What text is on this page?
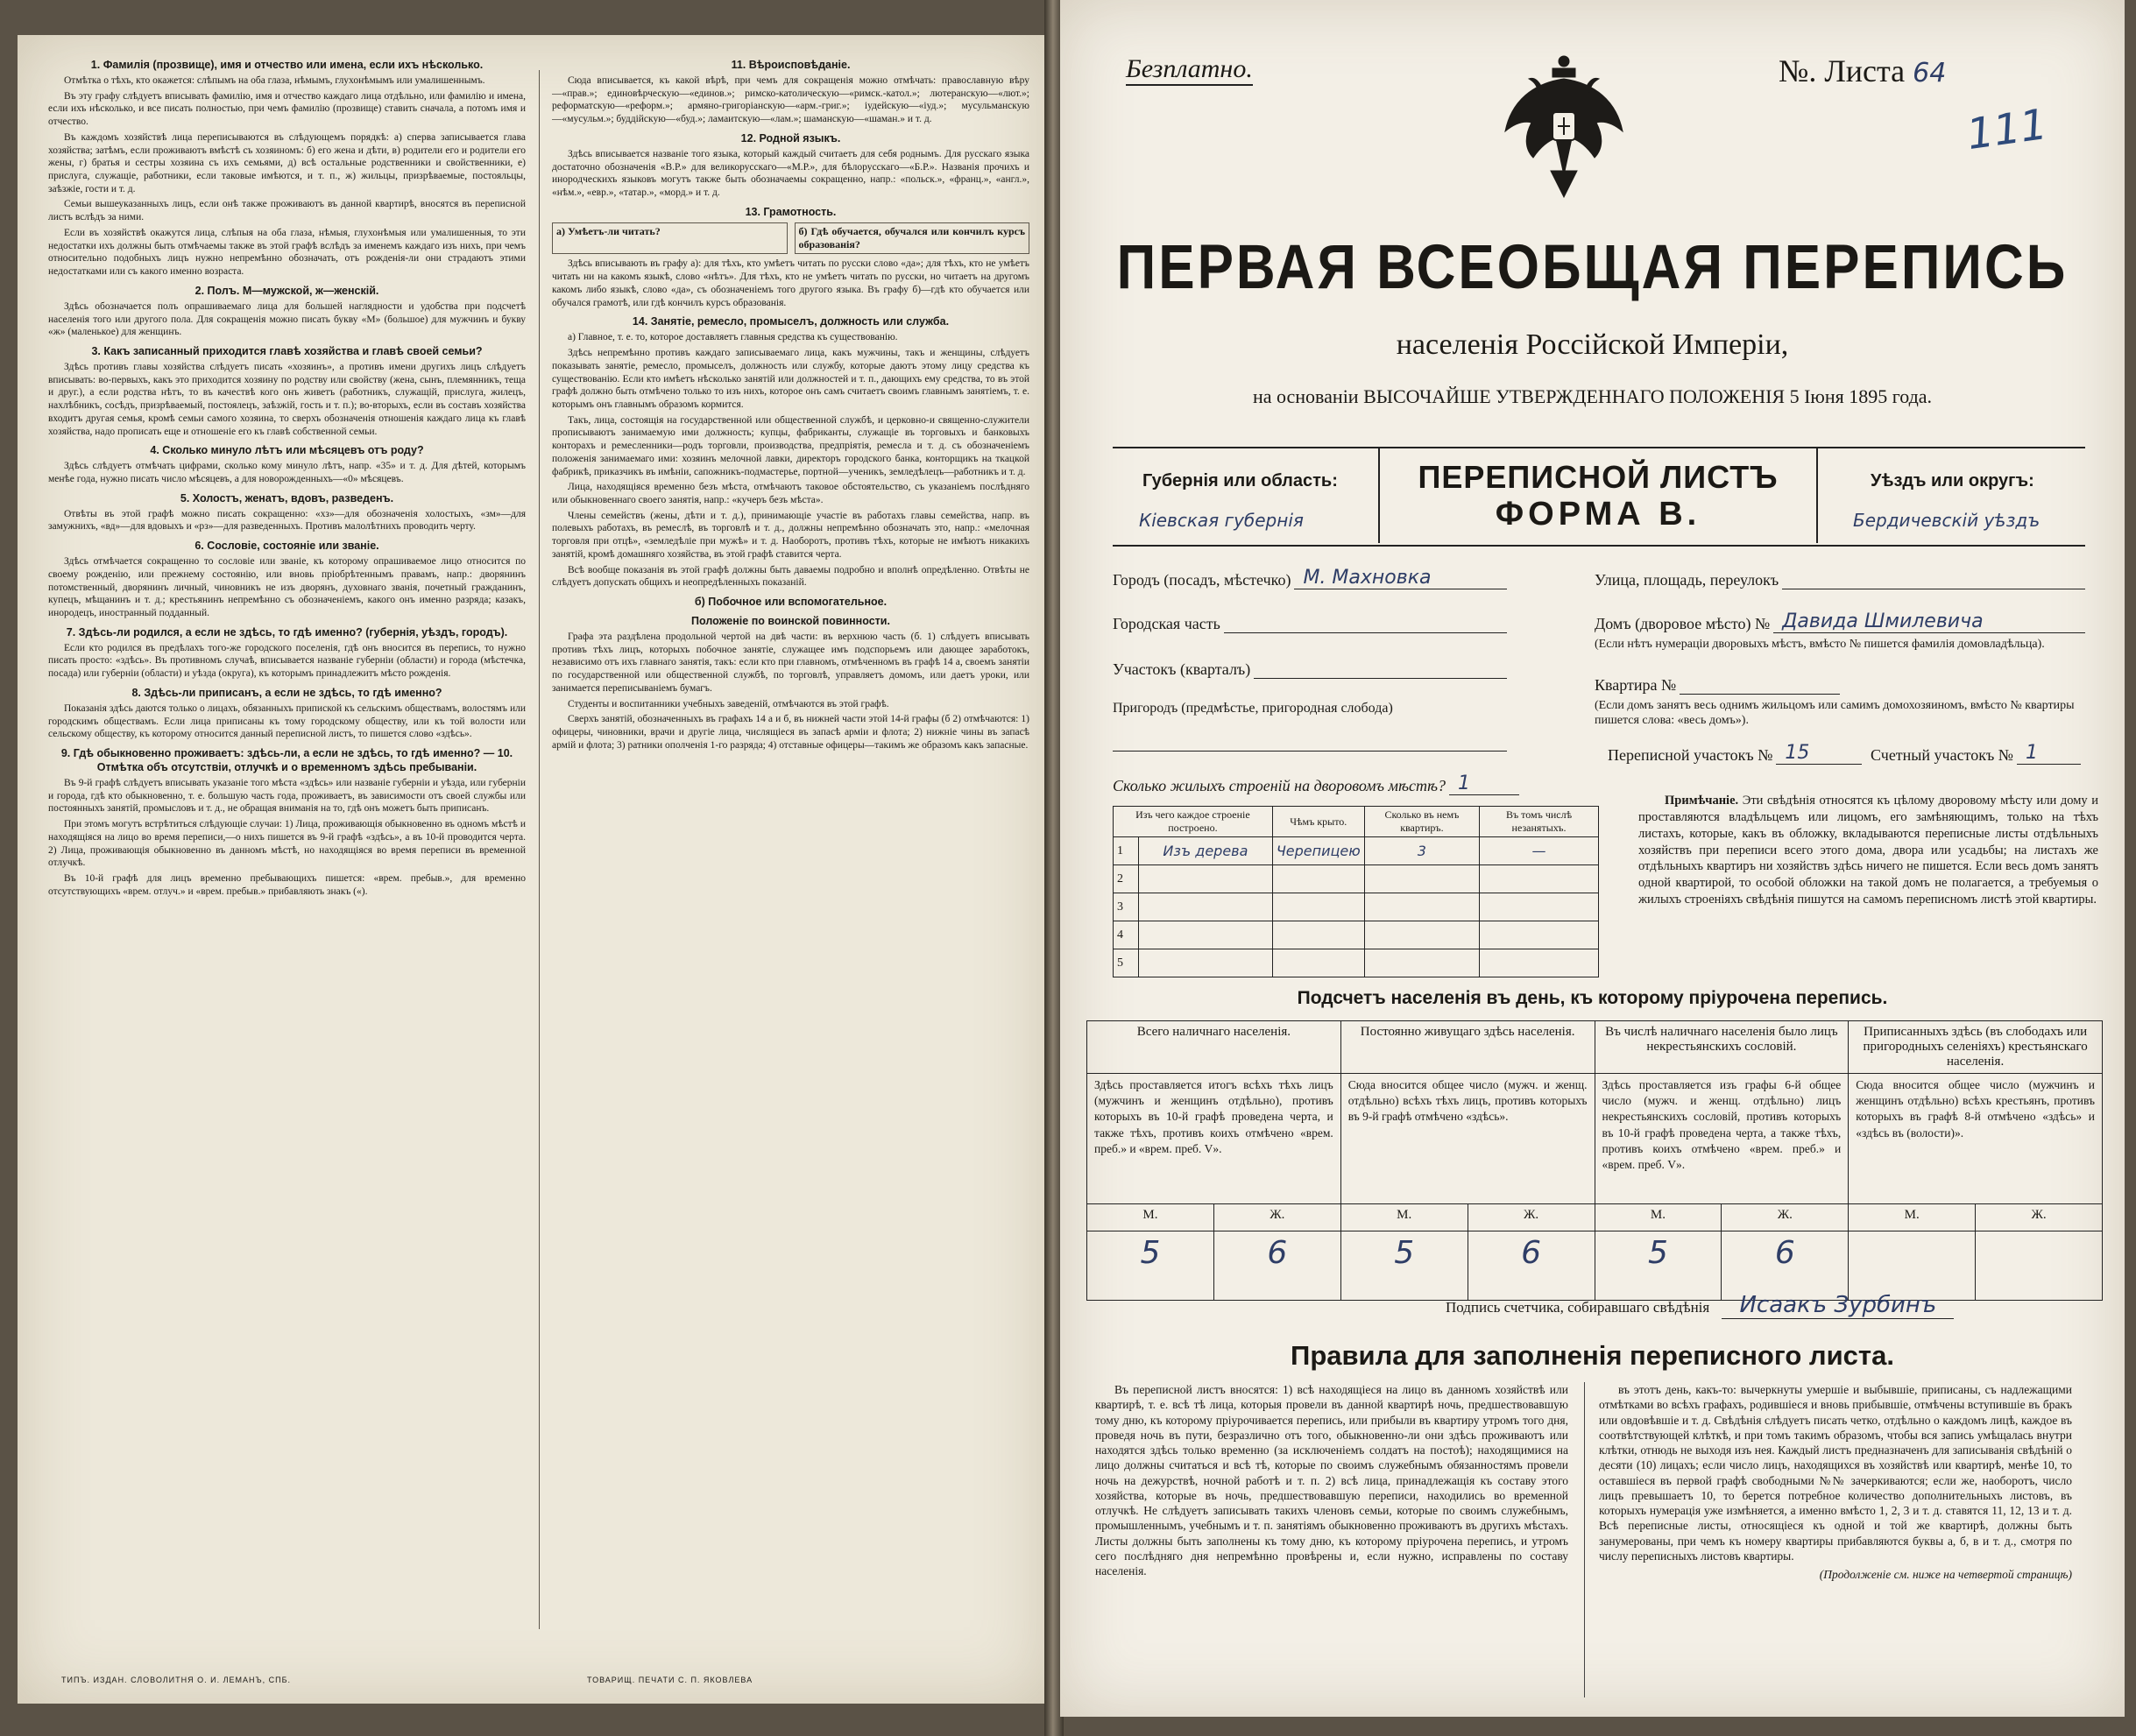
1. Фамилія (прозвище), имя и отчество или имена, если ихъ нѣсколько.

Отмѣтка о тѣхъ, кто окажется: слѣпымъ на оба глаза, нѣмымъ, глухонѣмымъ или умалишеннымъ.

Въ эту графу слѣдуетъ вписывать фамилію, имя и отчество каждаго лица отдѣльно, или фамилію и имена, если ихъ нѣсколько, и все писать полностью, при чемъ фамилію (прозвище) ставить сначала, а потомъ имя и отчество.

Въ каждомъ хозяйствѣ лица переписываются въ слѣдующемъ порядкѣ: а) сперва записывается глава хозяйства; затѣмъ, если проживаютъ вмѣстѣ съ хозяиномъ: б) его жена и дѣти, в) родители его и родители его жены, г) братья и сестры хозяина съ ихъ семьями, д) всѣ остальные родственники и свойственники, е) прислуга, служащіе, работники, если таковые имѣются, и т. п., ж) жильцы, призрѣваемые, постояльцы, заѣзжіе, гости и т. д.

Семьи вышеуказанныхъ лицъ, если онѣ также проживаютъ въ данной квартирѣ, вносятся въ переписной листъ вслѣдъ за ними.

Если въ хозяйствѣ окажутся лица, слѣпыя на оба глаза, нѣмыя, глухонѣмыя или умалишенныя, то эти недостатки ихъ должны быть отмѣчаемы также въ этой графѣ вслѣдъ за именемъ каждаго изъ нихъ, при чемъ относительно подобныхъ лицъ нужно непремѣнно обозначать, отъ рожденія-ли они страдаютъ этими недостатками или съ какого именно возраста.

2. Полъ. М—мужской, ж—женскій.

Здѣсь обозначается полъ опрашиваемаго лица для большей наглядности и удобства при подсчетѣ населенія того или другого пола. Для сокращенія можно писать букву «М» (большое) для мужчинъ и букву «ж» (маленькое) для женщинъ.

3. Какъ записанный приходится главѣ хозяйства и главѣ своей семьи?

Здѣсь противъ главы хозяйства слѣдуетъ писать «хозяинъ», а противъ имени другихъ лицъ слѣдуетъ вписывать: во-первыхъ, какъ это приходится хозяину по родству или свойству (жена, сынъ, племянникъ, теща и друг.), а если родства нѣтъ, то въ качествѣ кого онъ живетъ (работникъ, служащій, прислуга, жилецъ, нахлѣбникъ, сосѣдъ, призрѣваемый, постоялецъ, заѣзжій, гость и т. п.); во-вторыхъ, если въ составъ хозяйства входитъ другая семья, кромѣ семьи самого хозяина, то сверхъ обозначенія отношенія каждаго лица къ главѣ хозяйства, надо прописать еще и отношеніе его къ главѣ собственной семьи.

4. Сколько минуло лѣтъ или мѣсяцевъ отъ роду?

Здѣсь слѣдуетъ отмѣчать цифрами, сколько кому минуло лѣтъ, напр. «35» и т. д. Для дѣтей, которымъ менѣе года, нужно писать число мѣсяцевъ, а для новорожденныхъ—«0» мѣсяцевъ.

5. Холостъ, женатъ, вдовъ, разведенъ.

Отвѣты въ этой графѣ можно писать сокращенно: «хз»—для обозначенія холостыхъ, «зм»—для замужнихъ, «вд»—для вдовыхъ и «рз»—для разведенныхъ. Противъ малолѣтнихъ проводить черту.

6. Сословіе, состояніе или званіе.

Здѣсь отмѣчается сокращенно то сословіе или званіе, къ которому опрашиваемое лицо относится по своему рожденію, или прежнему состоянію, или вновь пріобрѣтеннымъ правамъ, напр.: дворянинъ потомственный, дворянинъ личный, чиновникъ не изъ дворянъ, духовнаго званія, почетный гражданинъ, купецъ, мѣщанинъ и т. д.; крестьянинъ непремѣнно съ обозначеніемъ, какого онъ именно разряда; казакъ, инородецъ, иностранный подданный.

7. Здѣсь-ли родился, а если не здѣсь, то гдѣ именно? (губернія, уѣздъ, городъ).

Если кто родился въ предѣлахъ того-же городского поселенія, гдѣ онъ вносится въ перепись, то нужно писать просто: «здѣсь». Въ противномъ случаѣ, вписывается названіе губерніи (области) и города (мѣстечка, посада) или губерніи (области) и уѣзда (округа), къ которымъ принадлежитъ мѣсто рожденія.

8. Здѣсь-ли приписанъ, а если не здѣсь, то гдѣ именно?

Показанія здѣсь даются только о лицахъ, обязанныхъ припиской къ сельскимъ обществамъ, волостямъ или городскимъ обществамъ. Если лица приписаны къ тому городскому обществу, или къ той волости или сельскому обществу, къ которому относится данный переписной листъ, то пишется слово «здѣсь».

9. Гдѣ обыкновенно проживаетъ: здѣсь-ли, а если не здѣсь, то гдѣ именно? — 10. Отмѣтка объ отсутствіи, отлучкѣ и о временномъ здѣсь пребываніи.

Въ 9-й графѣ слѣдуетъ вписывать указаніе того мѣста «здѣсь» или названіе губерніи и уѣзда, или губерніи и города, гдѣ кто обыкновенно, т. е. большую часть года, проживаетъ, въ зависимости отъ своей службы или постоянныхъ занятій, промысловъ и т. д., не обращая вниманія на то, гдѣ онъ можетъ быть приписанъ.

При этомъ могутъ встрѣтиться слѣдующіе случаи: 1) Лица, проживающія обыкновенно въ одномъ мѣстѣ и находящіяся на лицо во время переписи,—о нихъ пишется въ 9-й графѣ «здѣсь», а въ 10-й проводится черта. 2) Лица, проживающія обыкновенно въ данномъ мѣстѣ, но находящіяся во время переписи въ временной отлучкѣ.

Въ 10-й графѣ для лицъ временно пребывающихъ пишется: «врем. пребыв.», для временно отсутствующихъ «врем. отлуч.» и «врем. пребыв.» прибавляють знакъ («).

11. Вѣроисповѣданіе.

Сюда вписывается, къ какой вѣрѣ, при чемъ для сокращенія можно отмѣчать: православную вѣру—«прав.»; единовѣрческую—«единов.»; римско-католическую—«римск.-катол.»; лютеранскую—«лют.»; реформатскую—«реформ.»; армяно-григоріанскую—«арм.-григ.»; іудейскую—«іуд.»; мусульманскую—«мусульм.»; буддійскую—«буд.»; ламаитскую—«лам.»; шаманскую—«шаман.» и т. д.

12. Родной языкъ.

Здѣсь вписывается названіе того языка, который каждый считаетъ для себя роднымъ. Для русскаго языка достаточно обозначенія «В.Р.» для великорусскаго—«М.Р.», для бѣлорусскаго—«Б.Р.». Названія прочихъ и инородческихъ языковъ могутъ также быть обозначаемы сокращенно, напр.: «польск.», «франц.», «англ.», «нѣм.», «евр.», «татар.», «морд.» и т. д.

13. Грамотность.
а) Умѣетъ-ли читать?	б) Гдѣ обучается, обучался или кончилъ курсъ образованія?

Здѣсь вписывають въ графу а): для тѣхъ, кто умѣетъ читать по русски слово «да»; для тѣхъ, кто не умѣетъ читать ни на какомъ языкѣ, слово «нѣтъ». Для тѣхъ, кто не умѣетъ читать по русски, но читаетъ на другомъ какомъ либо языкѣ, слово «да», съ обозначеніемъ того другого языка. Въ графу б)—гдѣ кто обучается или обучался грамотѣ, или гдѣ кончилъ курсъ образованія.

14. Занятіе, ремесло, промыселъ, должность или служба.

а) Главное, т. е. то, которое доставляетъ главныя средства къ существованію.

Здѣсь непремѣнно противъ каждаго записываемаго лица, какъ мужчины, такъ и женщины, слѣдуетъ показывать занятіе, ремесло, промыселъ, должность или службу, которые даютъ этому лицу средства къ существованію. Если кто имѣетъ нѣсколько занятій или должностей и т. п., дающихъ ему средства, то въ этой графѣ должно быть отмѣчено только то изъ нихъ, которое онъ самъ считаетъ своимъ главнымъ занятіемъ, т. е. которымъ онъ главнымъ образомъ кормится.

Такъ, лица, состоящія на государственной или общественной службѣ, и церковно-и священно-служители прописываютъ занимаемую ими должность; купцы, фабриканты, служащіе въ торговыхъ и банковыхъ конторахъ и ремесленники—родъ торговли, производства, предпріятія, ремесла и т. д. съ обозначеніемъ положенія занимаемаго ими: хозяинъ мелочной лавки, директоръ городского банка, конторщикъ на ткацкой фабрикѣ, приказчикъ въ имѣніи, сапожникъ-подмастерье, портной—ученикъ, земледѣлецъ—работникъ и т. д.

Лица, находящіяся временно безъ мѣста, отмѣчаютъ таковое обстоятельство, съ указаніемъ послѣдняго или обыкновеннаго своего занятія, напр.: «кучеръ безъ мѣста».

Члены семействъ (жены, дѣти и т. д.), принимающіе участіе въ работахъ главы семейства, напр. въ полевыхъ работахъ, въ ремеслѣ, въ торговлѣ и т. д., должны непремѣнно обозначать это, напр.: «мелочная торговля при отцѣ», «земледѣліе при мужѣ» и т. д. Наоборотъ, противъ тѣхъ, которые не имѣютъ никакихъ занятій, кромѣ домашняго хозяйства, въ этой графѣ ставится черта.

Всѣ вообще показанія въ этой графѣ должны быть даваемы подробно и вполнѣ опредѣленно. Отвѣты не слѣдуетъ допускать общихъ и неопредѣленныхъ показаній.

б) Побочное или вспомогательное.
Положеніе по воинской повинности.

Графа эта раздѣлена продольной чертой на двѣ части: въ верхнюю часть (б. 1) слѣдуетъ вписывать противъ тѣхъ лицъ, которыхъ побочное занятіе, служащее имъ подспорьемъ или дающее заработокъ, независимо отъ ихъ главнаго занятія, такъ: если кто при главномъ, отмѣченномъ въ графѣ 14 а, своемъ занятіи по государственной или общественной службѣ, по торговлѣ, управляетъ домомъ, или даетъ уроки, или занимается переписываніемъ бумагъ.

Студенты и воспитанники учебныхъ заведеній, отмѣчаются въ этой графѣ.

Сверхъ занятій, обозначенныхъ въ графахъ 14 а и б, въ нижней части этой 14-й графы (б 2) отмѣчаются: 1) офицеры, чиновники, врачи и другіе лица, числящіеся въ запасѣ арміи и флота; 2) нижніе чины въ запасѣ армій и флота; 3) ратники ополченія 1-го разряда; 4) отставные офицеры—такимъ же образомъ какъ запасные.

ТИПЪ. ИЗДАН. СЛОВОЛИТНЯ О. И. ЛЕМАНЪ, СПБ.	ТОВАРИЩ. ПЕЧАТИ С. П. ЯКОВЛЕВА
Безплатно.	№. Листа 64
111
ПЕРВАЯ ВСЕОБЩАЯ ПЕРЕПИСЬ
населенія Россійской Имперіи,
на основаніи ВЫСОЧАЙШЕ УТВЕРЖДЕННАГО ПОЛОЖЕНІЯ 5 Іюня 1895 года.
Губернія или область:
Кіевская губернія
ПЕРЕПИСНОЙ ЛИСТЪ
ФОРМА В.
Уѣздъ или округъ:
Бердичевскій уѣздъ
Городъ (посадъ, мѣстечко) М. Махновка
Городская часть
Участокъ (кварталъ)
Пригородъ (предмѣстье, пригородная слобода)
Улица, площадь, переулокъ
Домъ (дворовое мѣсто) № Давида Шмилевича
(Если нѣтъ нумераціи дворовыхъ мѣстъ, вмѣсто № пишется фамилія домовладѣльца).
Квартира №
(Если домъ занятъ весь однимъ жильцомъ или самимъ домохозяиномъ, вмѣсто № квартиры пишется слова: «весь домъ»).
Переписной участокъ № 15	Счетный участокъ № 1
Сколько жилыхъ строеній на дворовомъ мѣстѣ? 1
Изъ чего каждое строеніе построено.		Чѣмъ крыто.	Сколько въ немъ квартиръ.	Въ томъ числѣ незанятыхъ.
1	Изъ дерева	Черепицею	3	—
2				
3				
4				
5				
Примѣчаніе. Эти свѣдѣнія относятся къ цѣлому дворовому мѣсту или дому и проставляются владѣльцемъ или лицомъ, его замѣняющимъ, только на тѣхъ листахъ, которые, какъ въ обложку, вкладываются переписные листы отдѣльныхъ хозяйствъ при переписи всего этого дома, двора или усадьбы; на листахъ же отдѣльныхъ квартиръ ни хозяйствъ здѣсь ничего не пишется. Если весь домъ занятъ одной квартирой, то особой обложки на такой домъ не полагается, а требуемыя о жилыхъ строеніяхъ свѣдѣнія пишутся на самомъ переписномъ листѣ этой квартиры.
Подсчетъ населенія въ день, къ которому пріурочена перепись.
Всего наличнаго населенія.		Постоянно живущаго здѣсь населенія.		Въ числѣ наличнаго населенія было лицъ некрестьянскихъ сословій.		Приписанныхъ здѣсь (въ слободахъ или пригородныхъ селеніяхъ) крестьянскаго населенія.	
Здѣсь проставляется итогъ всѣхъ тѣхъ лицъ (мужчинъ и женщинъ отдѣльно), противъ которыхъ въ 10-й графѣ проведена черта, и также тѣхъ, противъ коихъ отмѣчено «врем. преб.» и «врем. преб. V».		Сюда вносится общее число (мужч. и женщ. отдѣльно) всѣхъ тѣхъ лицъ, противъ которыхъ въ 9-й графѣ отмѣчено «здѣсь».		Здѣсь проставляется изъ графы 6-й общее число (мужч. и женщ. отдѣльно) лицъ некрестьянскихъ сословій, противъ которыхъ въ 10-й графѣ проведена черта, а также тѣхъ, противъ коихъ отмѣчено «врем. преб.» и «врем. преб. V».		Сюда вносится общее число (мужчинъ и женщинъ отдѣльно) всѣхъ крестьянъ, противъ которыхъ въ графѣ 8-й отмѣчено «здѣсь» и «здѣсь въ (волости)».	
М.	Ж.	М.	Ж.	М.	Ж.	М.	Ж.
5	6	5	6	5	6		
Подпись счетчика, собиравшаго свѣдѣнія Исаакъ Зурбинъ
Правила для заполненія переписного листа.
Въ переписной листъ вносятся: 1) всѣ находящіеся на лицо въ данномъ хозяйствѣ или квартирѣ, т. е. всѣ тѣ лица, которыя провели въ данной квартирѣ ночь, предшествовавшую тому дню, къ которому пріурочивается перепись, или прибыли въ квартиру утромъ того дня, проведя ночь въ пути, безразлично отъ того, обыкновенно-ли они здѣсь проживаютъ или находятся здѣсь только временно (за исключеніемъ солдатъ на постоѣ); находящимися на лицо должны считаться и всѣ тѣ, которые по своимъ служебнымъ обязанностямъ провели ночь на дежурствѣ, ночной работѣ и т. п. 2) всѣ лица, принадлежащія къ составу этого хозяйства, которые въ ночь, предшествовавшую переписи, находились во временной отлучкѣ. Не слѣдуетъ записывать такихъ членовъ семьи, которые по своимъ служебнымъ, промышленнымъ, учебнымъ и т. п. занятіямъ обыкновенно проживаютъ въ другихъ мѣстахъ. Листы должны быть заполнены къ тому дню, къ которому пріурочена перепись, и утромъ сего послѣдняго дня непремѣнно провѣрены и, если нужно, исправлены по составу населенія.
въ этотъ день, какъ-то: вычеркнуты умершіе и выбывшіе, приписаны, съ надлежащими отмѣтками во всѣхъ графахъ, родившіеся и вновь прибывшіе, отмѣчены вступившіе въ бракъ или овдовѣвшіе и т. д. Свѣдѣнія слѣдуетъ писать четко, отдѣльно о каждомъ лицѣ, каждое въ соотвѣтствующей клѣткѣ, и при томъ такимъ образомъ, чтобы вся запись умѣщалась внутри клѣтки, отнюдь не выходя изъ нея. Каждый листъ предназначенъ для записыванія свѣдѣній о десяти (10) лицахъ; если число лицъ, находящихся въ хозяйствѣ или квартирѣ, менѣе 10, то оставшіеся въ первой графѣ свободными №№ зачеркиваются; если же, наоборотъ, число лицъ превышаетъ 10, то берется потребное количество дополнительныхъ листовъ, въ которыхъ нумерація уже измѣняется, а именно вмѣсто 1, 2, 3 и т. д. ставятся 11, 12, 13 и т. д. Всѣ переписные листы, относящіеся къ одной и той же квартирѣ, должны быть занумерованы, при чемъ къ номеру квартиры прибавляются буквы а, б, в и т. д., смотря по числу переписныхъ листовъ квартиры.
(Продолженіе см. ниже на четвертой страницѣ)
